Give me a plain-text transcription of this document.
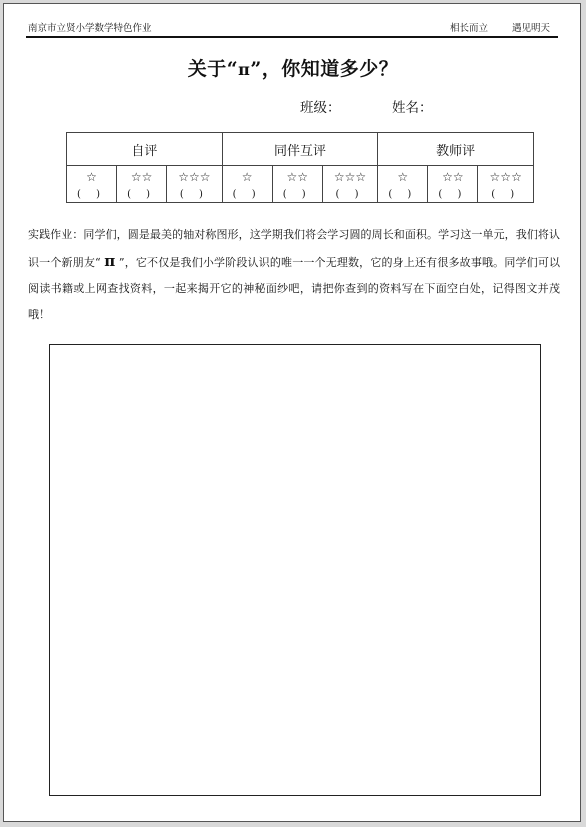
南京市立贤小学数学特色作业	相长而立	遇见明天
关于“π”，你知道多少？
班级：	姓名：
自评			同伴互评			教师评		
☆	☆☆	☆☆☆	☆	☆☆	☆☆☆	☆	☆☆	☆☆☆
( )	( )	( )	( )	( )	( )	( )	( )	( )
实践作业：同学们，圆是最美的轴对称图形，这学期我们将会学习圆的周长和面积。学习这一单元，我们将认识一个新朋友“ π ”，它不仅是我们小学阶段认识的唯一一个无理数，它的身上还有很多故事哦。同学们可以阅读书籍或上网查找资料，一起来揭开它的神秘面纱吧，请把你查到的资料写在下面空白处，记得图文并茂哦！
